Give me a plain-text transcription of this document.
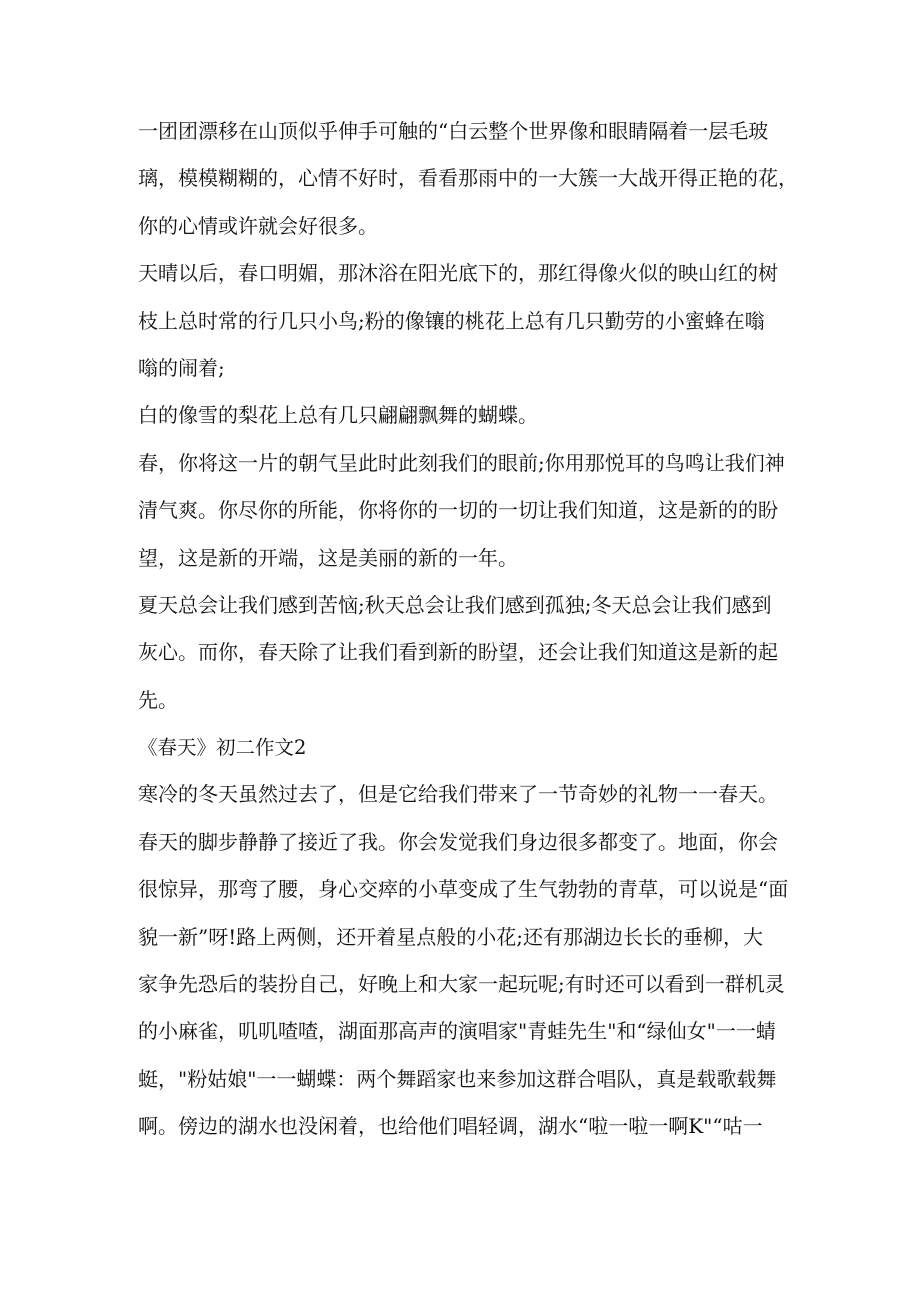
一团团漂移在山顶似乎伸手可触的“白云整个世界像和眼睛隔着一层毛玻
璃，模模糊糊的，心情不好时，看看那雨中的一大簇一大战开得正艳的花，
你的心情或许就会好很多。
天晴以后，春口明媚，那沐浴在阳光底下的，那红得像火似的映山红的树
枝上总时常的行几只小鸟;粉的像镶的桃花上总有几只勤劳的小蜜蜂在嗡
嗡的闹着;
白的像雪的梨花上总有几只翩翩飘舞的蝴蝶。
春，你将这一片的朝气呈此时此刻我们的眼前;你用那悦耳的鸟鸣让我们神
清气爽。你尽你的所能，你将你的一切的一切让我们知道，这是新的的盼
望，这是新的开端，这是美丽的新的一年。
夏天总会让我们感到苦恼;秋天总会让我们感到孤独;冬天总会让我们感到
灰心。而你，春天除了让我们看到新的盼望，还会让我们知道这是新的起
先。
《春天》初二作文2
寒冷的冬天虽然过去了，但是它给我们带来了一节奇妙的礼物一一春天。
春天的脚步静静了接近了我。你会发觉我们身边很多都变了。地面，你会
很惊异，那弯了腰，身心交瘁的小草变成了生气勃勃的青草，可以说是“面
貌一新”呀!路上两侧，还开着星点般的小花;还有那湖边长长的垂柳，大
家争先恐后的装扮自己，好晚上和大家一起玩呢;有时还可以看到一群机灵
的小麻雀，叽叽喳喳，湖面那高声的演唱家"青蛙先生"和“绿仙女"一一蜻
蜓，"粉姑娘"一一蝴蝶：两个舞蹈家也来参加这群合唱队，真是载歌载舞
啊。傍边的湖水也没闲着，也给他们唱轻调，湖水“啦一啦一啊K"“咕一
